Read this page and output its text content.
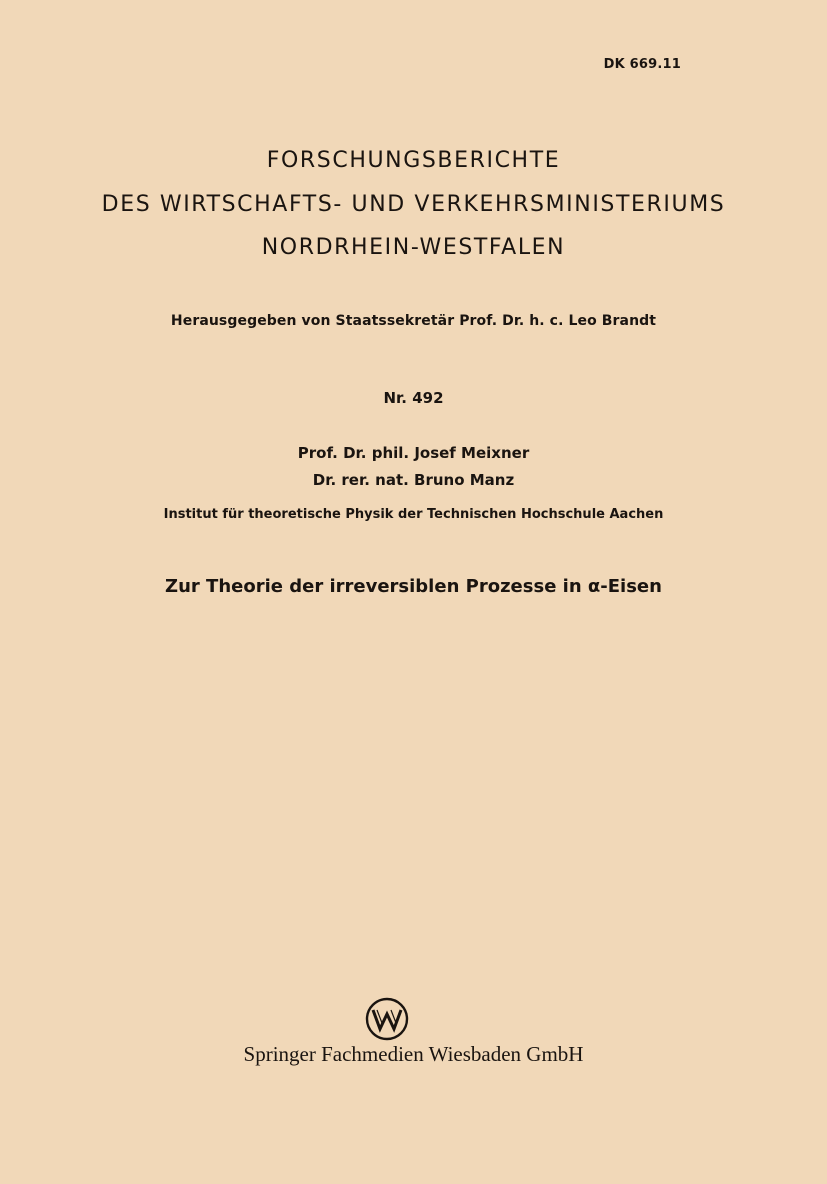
DK 669.11
FORSCHUNGSBERICHTE
DES WIRTSCHAFTS- UND VERKEHRSMINISTERIUMS
NORDRHEIN-WESTFALEN
Herausgegeben von Staatssekretär Prof. Dr. h. c. Leo Brandt
Nr. 492
Prof. Dr. phil. Josef Meixner
Dr. rer. nat. Bruno Manz
Institut für theoretische Physik der Technischen Hochschule Aachen
Zur Theorie der irreversiblen Prozesse in α-Eisen
Springer Fachmedien Wiesbaden GmbH
